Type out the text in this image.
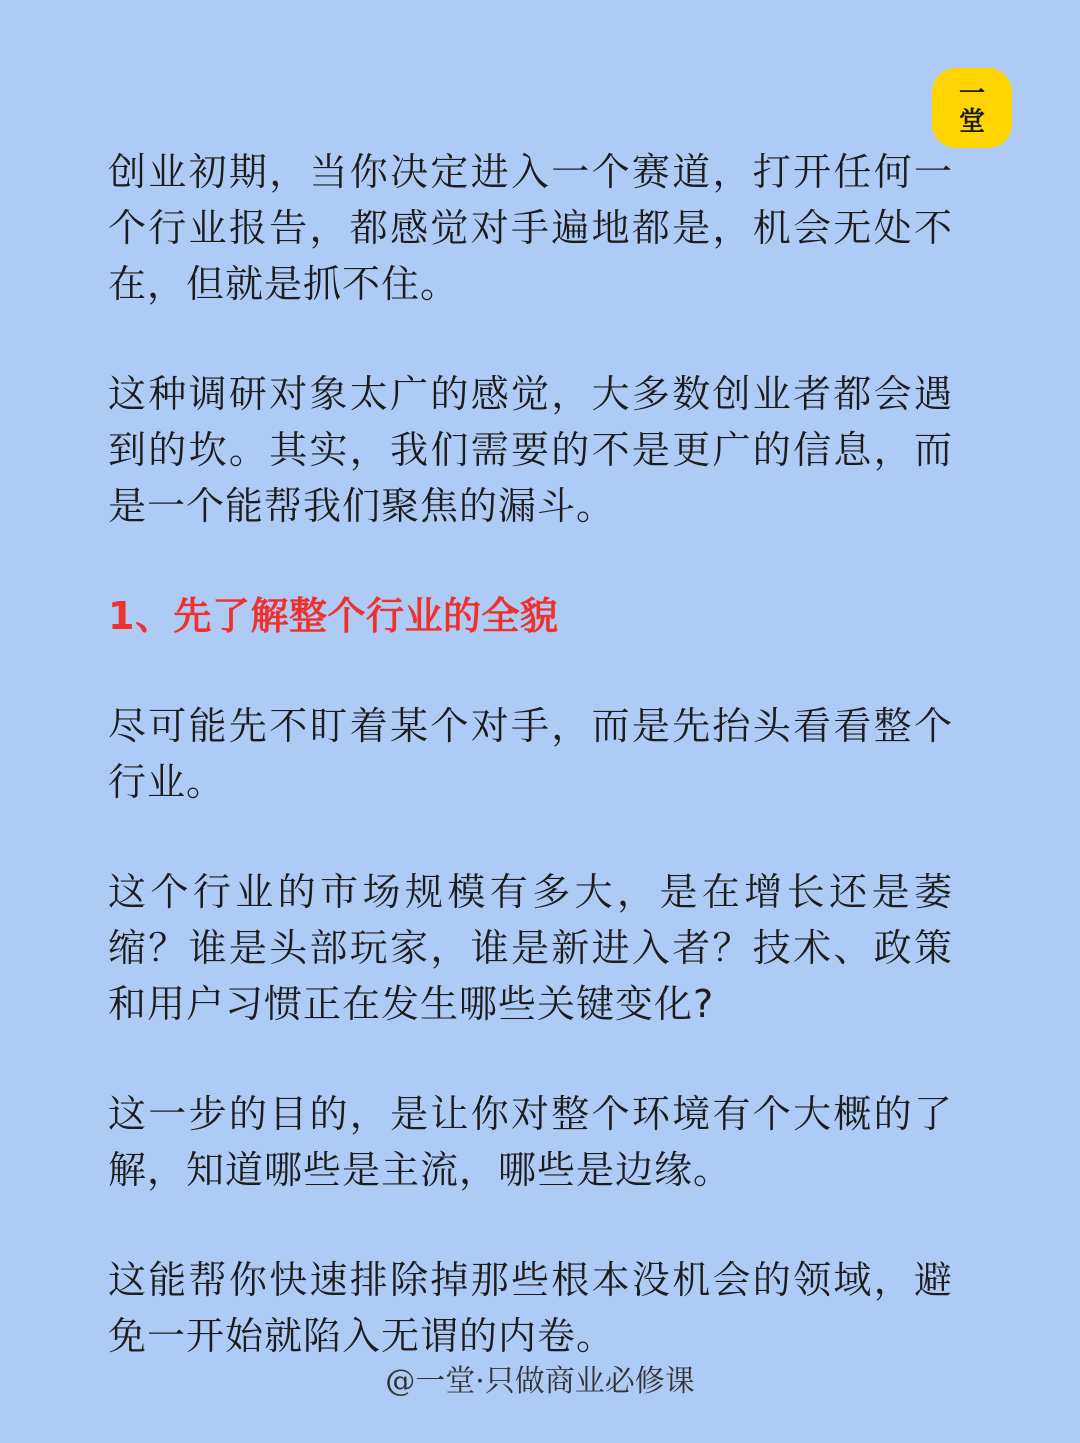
一堂

创业初期，当你决定进入一个赛道，打开任何一个行业报告，都感觉对手遍地都是，机会无处不在，但就是抓不住。

这种调研对象太广的感觉，大多数创业者都会遇到的坎。其实，我们需要的不是更广的信息，而是一个能帮我们聚焦的漏斗。

1、先了解整个行业的全貌

尽可能先不盯着某个对手，而是先抬头看看整个行业。

这个行业的市场规模有多大，是在增长还是萎缩？谁是头部玩家，谁是新进入者？技术、政策和用户习惯正在发生哪些关键变化?

这一步的目的，是让你对整个环境有个大概的了解，知道哪些是主流，哪些是边缘。

这能帮你快速排除掉那些根本没机会的领域，避免一开始就陷入无谓的内卷。

@一堂·只做商业必修课
